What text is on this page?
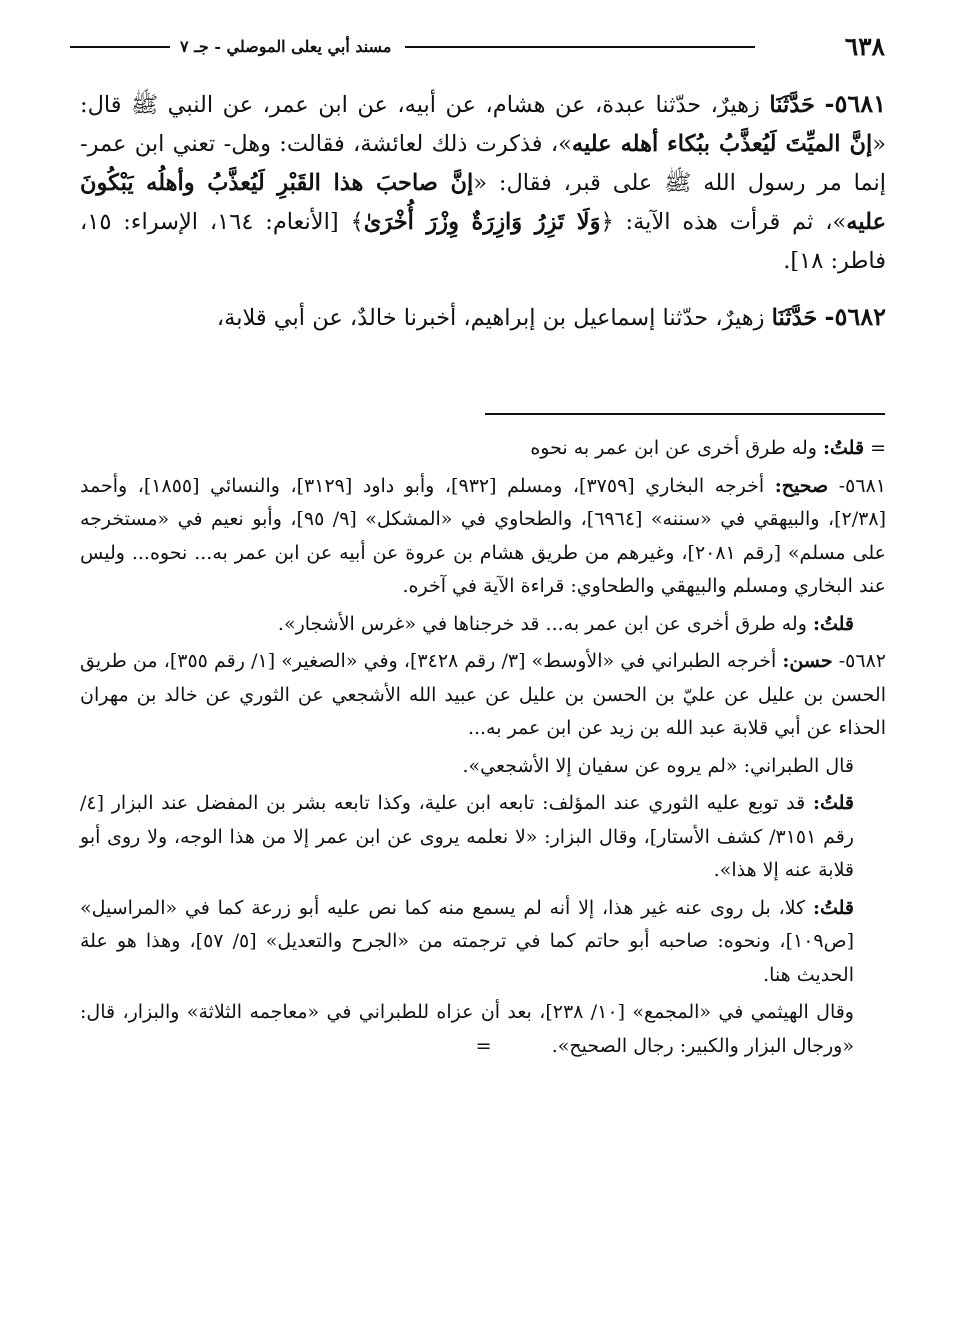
٦٣٨
مسند أبي يعلى الموصلي - جـ ٧

٥٦٨١- حَدَّثَنَا زهيرٌ، حدّثنا عبدة، عن هشام، عن أبيه، عن ابن عمر، عن النبي ﷺ قال: «إنَّ الميِّتَ لَيُعذَّبُ ببُكاء أهله عليه»، فذكرت ذلك لعائشة، فقالت: وهل- تعني ابن عمر- إنما مر رسول الله ﷺ على قبر، فقال: «إنَّ صاحبَ هذا القَبْرِ لَيُعذَّبُ وأهلُه يَبْكُونَ عليه»، ثم قرأت هذه الآية: ﴿وَلَا تَزِرُ وَازِرَةٌ وِزْرَ أُخْرَىٰ﴾ [الأنعام: ١٦٤، الإسراء: ١٥، فاطر: ١٨].

٥٦٨٢- حَدَّثَنَا زهيرٌ، حدّثنا إسماعيل بن إبراهيم، أخبرنا خالدٌ، عن أبي قلابة،

= قلتُ: وله طرق أخرى عن ابن عمر به نحوه

٥٦٨١- صحيح: أخرجه البخاري [٣٧٥٩]، ومسلم [٩٣٢]، وأبو داود [٣١٢٩]، والنسائي [١٨٥٥]، وأحمد [٢/٣٨]، والبيهقي في «سننه» [٦٩٦٤]، والطحاوي في «المشكل» [٩/ ٩٥]، وأبو نعيم في «مستخرجه على مسلم» [رقم ٢٠٨١]، وغيرهم من طريق هشام بن عروة عن أبيه عن ابن عمر به... نحوه... وليس عند البخاري ومسلم والبيهقي والطحاوي: قراءة الآية في آخره.

قلتُ: وله طرق أخرى عن ابن عمر به... قد خرجناها في «غرس الأشجار».

٥٦٨٢- حسن: أخرجه الطبراني في «الأوسط» [٣/ رقم ٣٤٢٨]، وفي «الصغير» [١/ رقم ٣٥٥]، من طريق الحسن بن عليل عن عليّ بن الحسن بن عليل عن عبيد الله الأشجعي عن الثوري عن خالد بن مهران الحذاء عن أبي قلابة عبد الله بن زيد عن ابن عمر به...

قال الطبراني: «لم يروه عن سفيان إلا الأشجعي».

قلتُ: قد توبع عليه الثوري عند المؤلف: تابعه ابن علية، وكذا تابعه بشر بن المفضل عند البزار [٤/ رقم ٣١٥١/ كشف الأستار]، وقال البزار: «لا نعلمه يروى عن ابن عمر إلا من هذا الوجه، ولا روى أبو قلابة عنه إلا هذا».

قلتُ: كلا، بل روى عنه غير هذا، إلا أنه لم يسمع منه كما نص عليه أبو زرعة كما في «المراسيل» [ص١٠٩]، ونحوه: صاحبه أبو حاتم كما في ترجمته من «الجرح والتعديل» [٥/ ٥٧]، وهذا هو علة الحديث هنا.

وقال الهيثمي في «المجمع» [١٠/ ٢٣٨]، بعد أن عزاه للطبراني في «معاجمه الثلاثة» والبزار، قال: «ورجال البزار والكبير: رجال الصحيح». =
